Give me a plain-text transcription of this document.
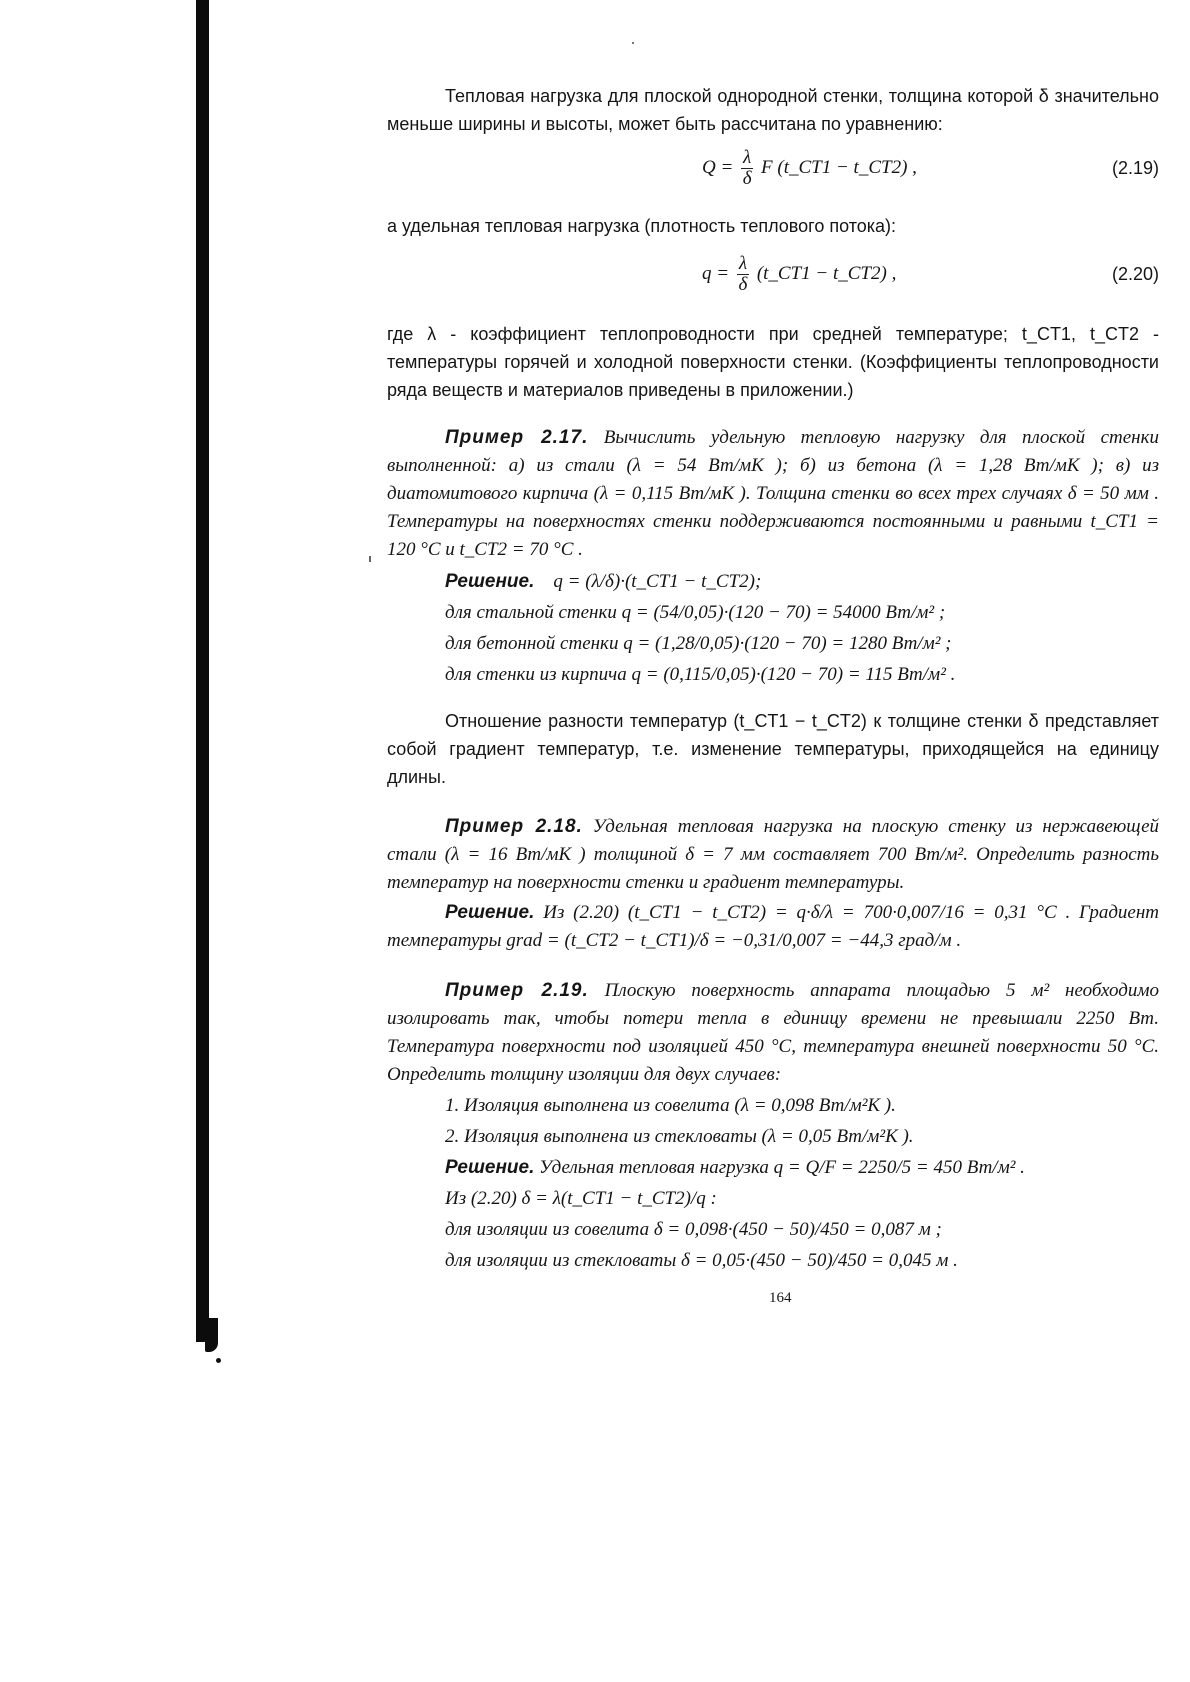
Тепловая нагрузка для плоской однородной стенки, толщина которой δ значительно меньше ширины и высоты, может быть рассчитана по уравнению:

$Q = \frac{\lambda}{\delta}$ F (t_CT1 − t_CT2) ,	(2.19)

а удельная тепловая нагрузка (плотность теплового потока):

$q = \frac{\lambda}{\delta}$ (t_CT1 − t_CT2) ,	(2.20)

где λ - коэффициент теплопроводности при средней температуре; t_CT1, t_CT2 - температуры горячей и холодной поверхности стенки. (Коэффициенты теплопроводности ряда веществ и материалов приведены в приложении.)

Пример 2.17. Вычислить удельную тепловую нагрузку для плоской стенки выполненной: а) из стали (λ = 54 Вт/мК ); б) из бетона (λ = 1,28 Вт/мК ); в) из диатомитового кирпича (λ = 0,115 Вт/мК ). Толщина стенки во всех трех случаях δ = 50 мм . Температуры на поверхностях стенки поддерживаются постоянными и равными t_CT1 = 120 °C и t_CT2 = 70 °C .

Решение. q = (λ/δ)·(t_CT1 − t_CT2);

для стальной стенки q = (54/0,05)·(120 − 70) = 54000 Вт/м² ;

для бетонной стенки q = (1,28/0,05)·(120 − 70) = 1280 Вт/м² ;

для стенки из кирпича q = (0,115/0,05)·(120 − 70) = 115 Вт/м² .

Отношение разности температур (t_CT1 − t_CT2) к толщине стенки δ представляет собой градиент температур, т.е. изменение температуры, приходящейся на единицу длины.

Пример 2.18. Удельная тепловая нагрузка на плоскую стенку из нержавеющей стали (λ = 16 Вт/мК ) толщиной δ = 7 мм составляет 700 Вт/м². Определить разность температур на поверхности стенки и градиент температуры.

Решение. Из (2.20) (t_CT1 − t_CT2) = q·δ/λ = 700·0,007/16 = 0,31 °C . Градиент температуры grad = (t_CT2 − t_CT1)/δ = −0,31/0,007 = −44,3 град/м .

Пример 2.19. Плоскую поверхность аппарата площадью 5 м² необходимо изолировать так, чтобы потери тепла в единицу времени не превышали 2250 Вт. Температура поверхности под изоляцией 450 °C, температура внешней поверхности 50 °C. Определить толщину изоляции для двух случаев:

1. Изоляция выполнена из совелита (λ = 0,098 Вт/м²К ).

2. Изоляция выполнена из стекловаты (λ = 0,05 Вт/м²К ).

Решение. Удельная тепловая нагрузка q = Q/F = 2250/5 = 450 Вт/м² .

Из (2.20) δ = λ(t_CT1 − t_CT2)/q :

для изоляции из совелита δ = 0,098·(450 − 50)/450 = 0,087 м ;

для изоляции из стекловаты δ = 0,05·(450 − 50)/450 = 0,045 м .

164
